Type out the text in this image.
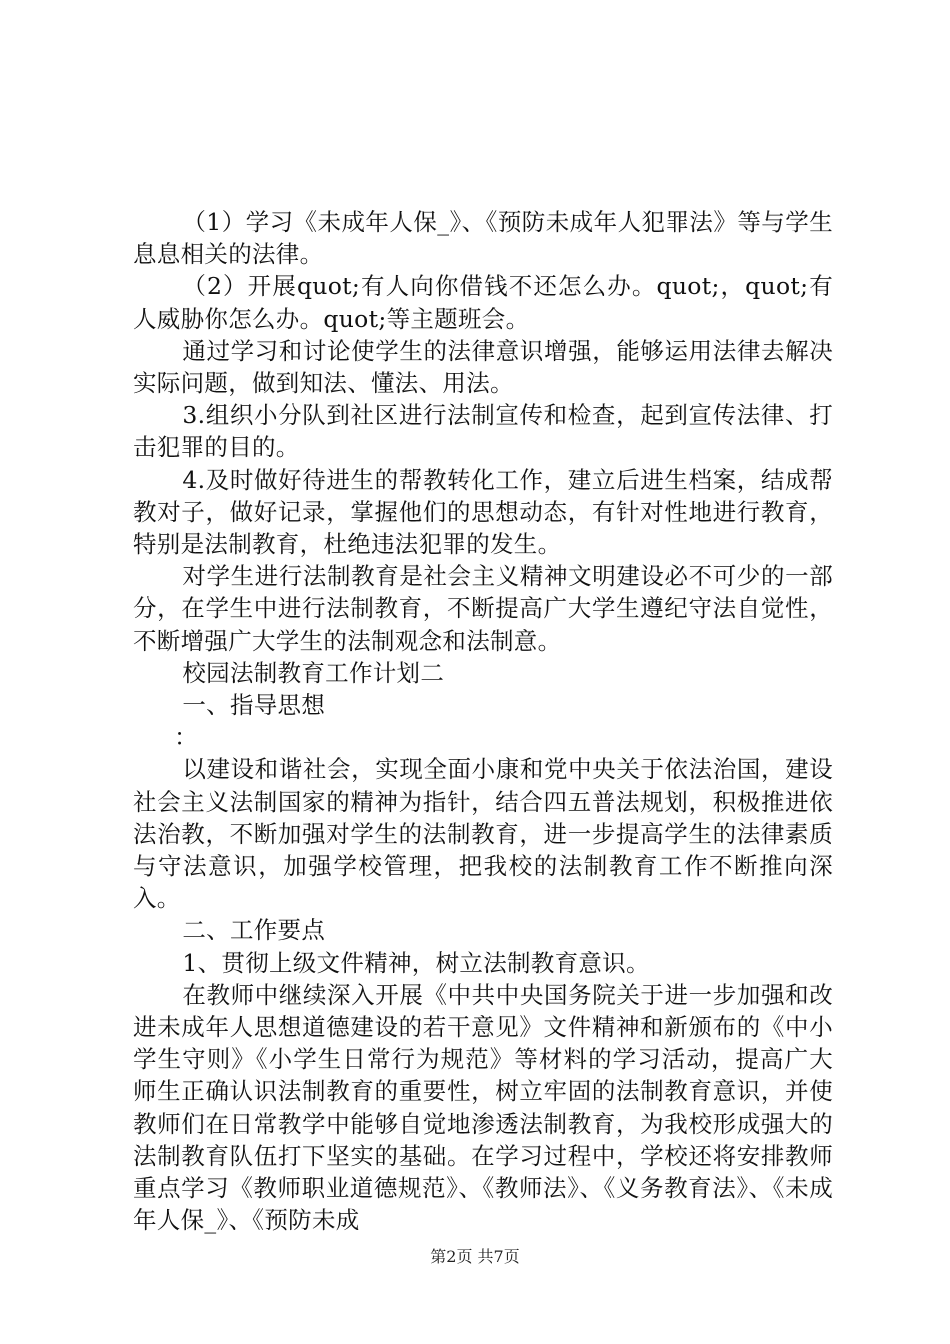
（1）学习《未成年人保_》、《预防未成年人犯罪法》等与学生息息相关的法律。

（2）开展quot;有人向你借钱不还怎么办。quot;，quot;有人威胁你怎么办。quot;等主题班会。

通过学习和讨论使学生的法律意识增强，能够运用法律去解决实际问题，做到知法、懂法、用法。

3.组织小分队到社区进行法制宣传和检查，起到宣传法律、打击犯罪的目的。

4.及时做好待进生的帮教转化工作，建立后进生档案，结成帮教对子，做好记录，掌握他们的思想动态，有针对性地进行教育，特别是法制教育，杜绝违法犯罪的发生。

对学生进行法制教育是社会主义精神文明建设必不可少的一部分，在学生中进行法制教育，不断提高广大学生遵纪守法自觉性，不断增强广大学生的法制观念和法制意。

校园法制教育工作计划二

一、指导思想

：

以建设和谐社会，实现全面小康和党中央关于依法治国，建设社会主义法制国家的精神为指针，结合四五普法规划，积极推进依法治教，不断加强对学生的法制教育，进一步提高学生的法律素质与守法意识，加强学校管理，把我校的法制教育工作不断推向深入。

二、工作要点

1、贯彻上级文件精神，树立法制教育意识。

在教师中继续深入开展《中共中央国务院关于进一步加强和改进未成年人思想道德建设的若干意见》文件精神和新颁布的《中小学生守则》《小学生日常行为规范》等材料的学习活动，提高广大师生正确认识法制教育的重要性，树立牢固的法制教育意识，并使教师们在日常教学中能够自觉地渗透法制教育，为我校形成强大的法制教育队伍打下坚实的基础。在学习过程中，学校还将安排教师重点学习《教师职业道德规范》、《教师法》、《义务教育法》、《未成年人保_》、《预防未成

第2页 共7页
